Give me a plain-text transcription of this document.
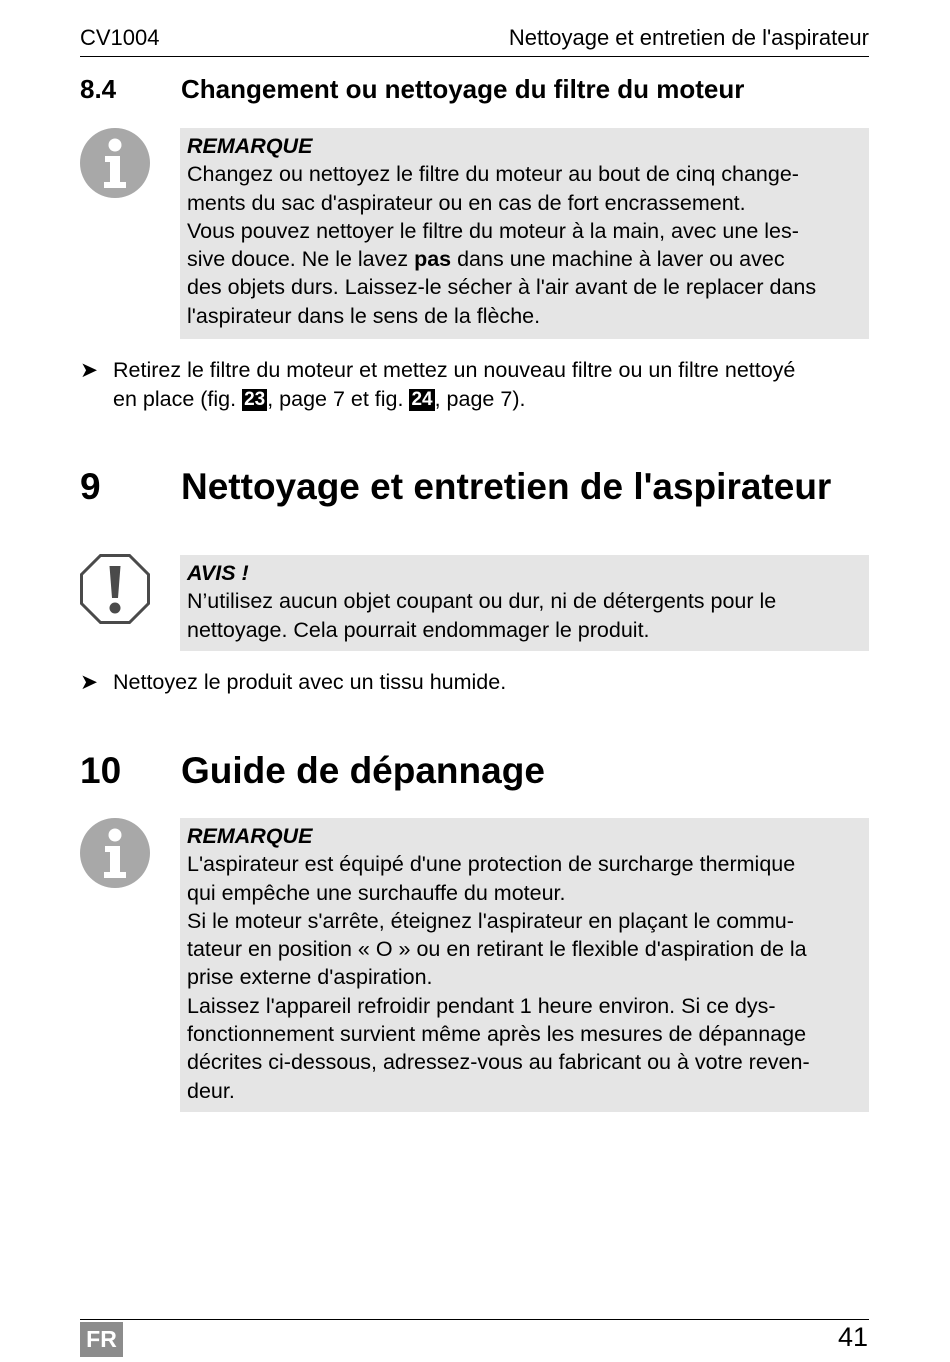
CV1004	Nettoyage et entretien de l'aspirateur
8.4 Changement ou nettoyage du filtre du moteur
REMARQUE

Changez ou nettoyez le filtre du moteur au bout de cinq change-

ments du sac d'aspirateur ou en cas de fort encrassement.

Vous pouvez nettoyer le filtre du moteur à la main, avec une les-

sive douce. Ne le lavez pas dans une machine à laver ou avec

des objets durs. Laissez-le sécher à l'air avant de le replacer dans

l'aspirateur dans le sens de la flèche.

➤ Retirez le filtre du moteur et mettez un nouveau filtre ou un filtre nettoyé
en place (fig. 23, page 7 et fig. 24, page 7).
9 Nettoyage et entretien de l'aspirateur
AVIS !

N’utilisez aucun objet coupant ou dur, ni de détergents pour le

nettoyage. Cela pourrait endommager le produit.

➤ Nettoyez le produit avec un tissu humide.
10 Guide de dépannage
REMARQUE

L'aspirateur est équipé d'une protection de surcharge thermique

qui empêche une surchauffe du moteur.

Si le moteur s'arrête, éteignez l'aspirateur en plaçant le commu-

tateur en position « O » ou en retirant le flexible d'aspiration de la

prise externe d'aspiration.

Laissez l'appareil refroidir pendant 1 heure environ. Si ce dys-

fonctionnement survient même après les mesures de dépannage

décrites ci-dessous, adressez-vous au fabricant ou à votre reven-

deur.

FR	41
